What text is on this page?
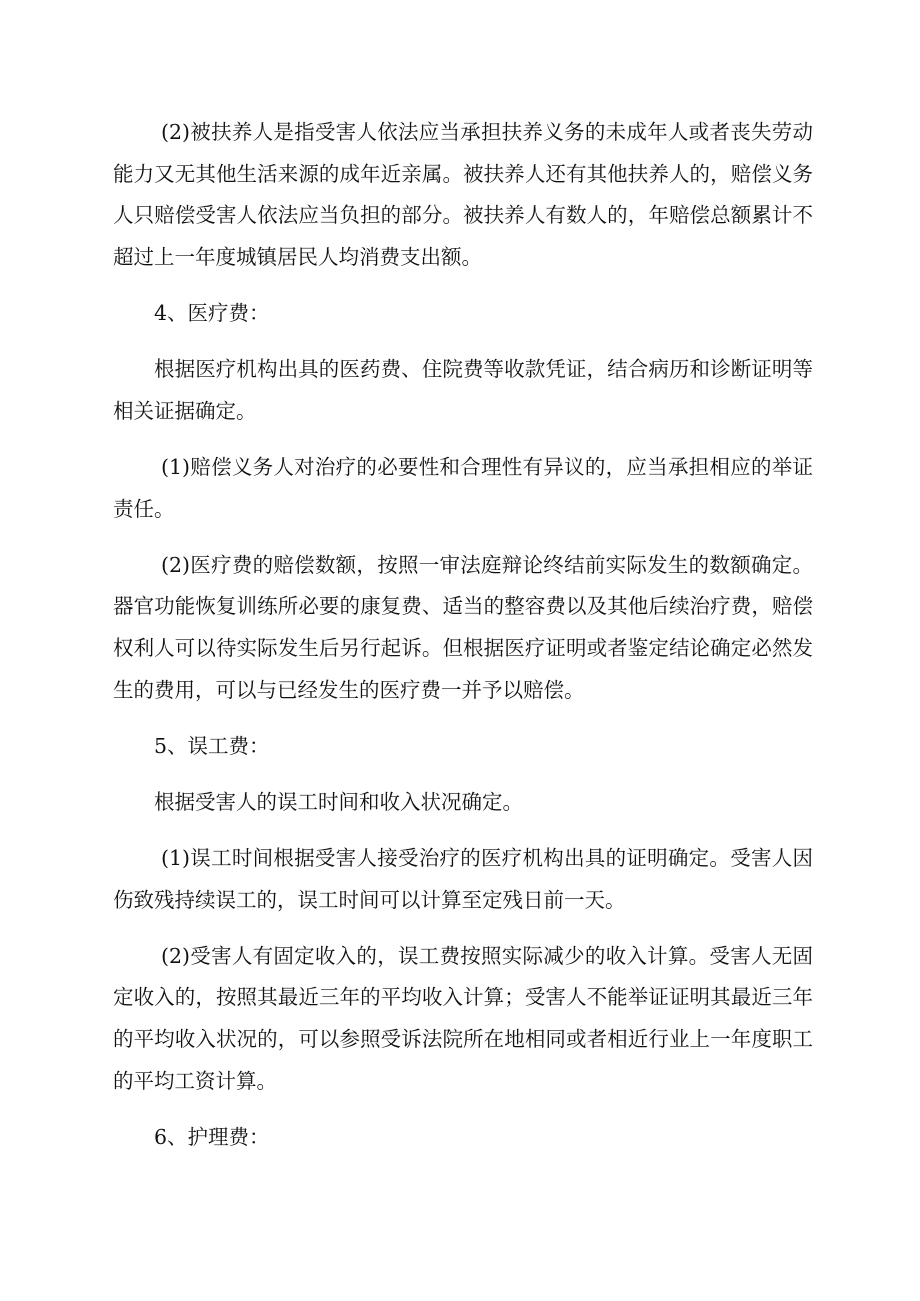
(2)被扶养人是指受害人依法应当承担扶养义务的未成年人或者丧失劳动能力又无其他生活来源的成年近亲属。被扶养人还有其他扶养人的，赔偿义务人只赔偿受害人依法应当负担的部分。被扶养人有数人的，年赔偿总额累计不超过上一年度城镇居民人均消费支出额。

4、医疗费：

根据医疗机构出具的医药费、住院费等收款凭证，结合病历和诊断证明等相关证据确定。

(1)赔偿义务人对治疗的必要性和合理性有异议的，应当承担相应的举证责任。

(2)医疗费的赔偿数额，按照一审法庭辩论终结前实际发生的数额确定。器官功能恢复训练所必要的康复费、适当的整容费以及其他后续治疗费，赔偿权利人可以待实际发生后另行起诉。但根据医疗证明或者鉴定结论确定必然发生的费用，可以与已经发生的医疗费一并予以赔偿。

5、误工费：

根据受害人的误工时间和收入状况确定。

(1)误工时间根据受害人接受治疗的医疗机构出具的证明确定。受害人因伤致残持续误工的，误工时间可以计算至定残日前一天。

(2)受害人有固定收入的，误工费按照实际减少的收入计算。受害人无固定收入的，按照其最近三年的平均收入计算；受害人不能举证证明其最近三年的平均收入状况的，可以参照受诉法院所在地相同或者相近行业上一年度职工的平均工资计算。

6、护理费：
